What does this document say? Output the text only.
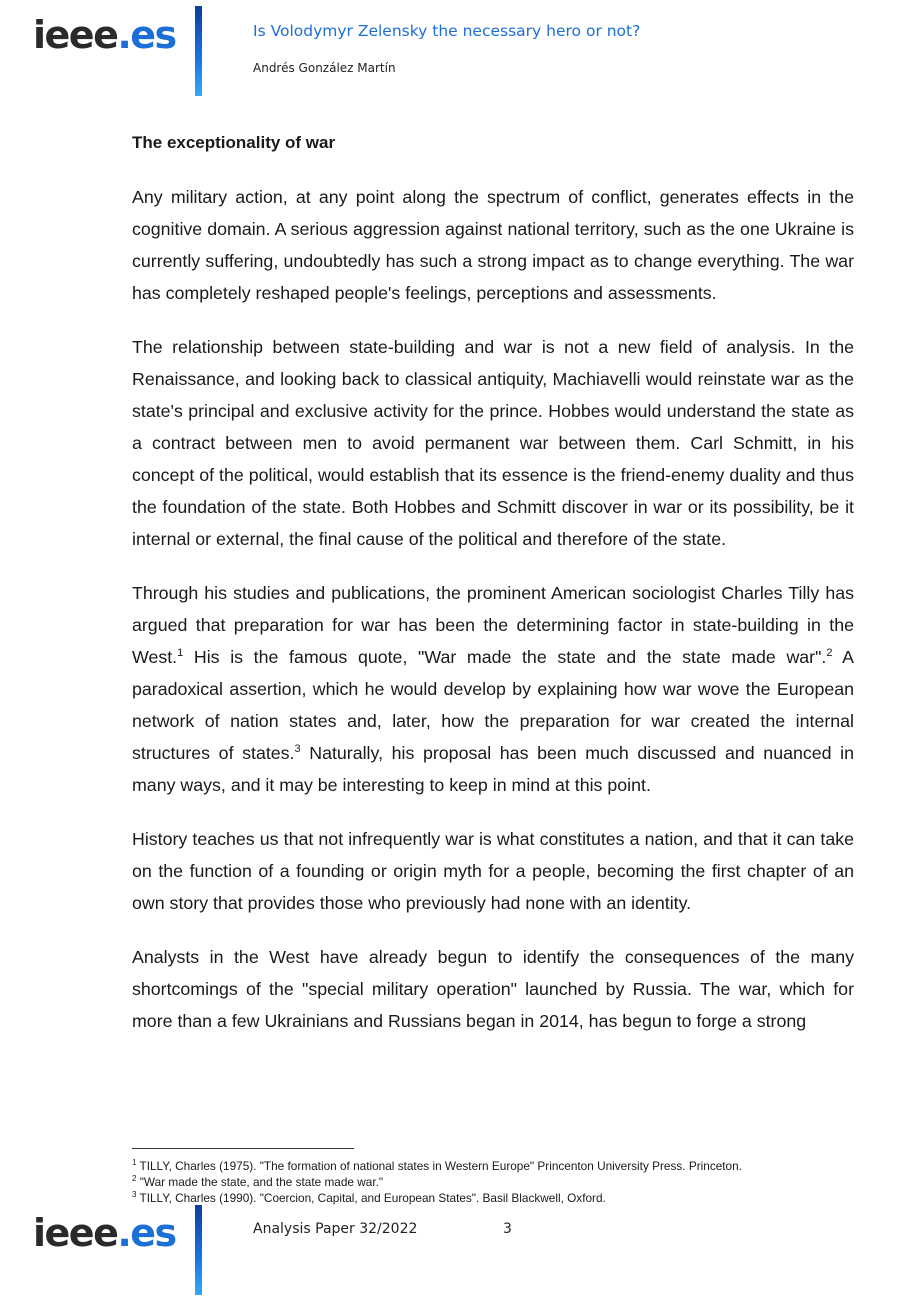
ieee.es	Is Volodymyr Zelensky the necessary hero or not?
Andrés González Martín
The exceptionality of war

Any military action, at any point along the spectrum of conflict, generates effects in the cognitive domain. A serious aggression against national territory, such as the one Ukraine is currently suffering, undoubtedly has such a strong impact as to change everything. The war has completely reshaped people's feelings, perceptions and assessments.

The relationship between state-building and war is not a new field of analysis. In the Renaissance, and looking back to classical antiquity, Machiavelli would reinstate war as the state's principal and exclusive activity for the prince. Hobbes would understand the state as a contract between men to avoid permanent war between them. Carl Schmitt, in his concept of the political, would establish that its essence is the friend-enemy duality and thus the foundation of the state. Both Hobbes and Schmitt discover in war or its possibility, be it internal or external, the final cause of the political and therefore of the state.

Through his studies and publications, the prominent American sociologist Charles Tilly has argued that preparation for war has been the determining factor in state-building in the West.$^1$ His is the famous quote, "War made the state and the state made war".$^2$ A paradoxical assertion, which he would develop by explaining how war wove the European network of nation states and, later, how the preparation for war created the internal structures of states.$^3$ Naturally, his proposal has been much discussed and nuanced in many ways, and it may be interesting to keep in mind at this point.

History teaches us that not infrequently war is what constitutes a nation, and that it can take on the function of a founding or origin myth for a people, becoming the first chapter of an own story that provides those who previously had none with an identity.

Analysts in the West have already begun to identify the consequences of the many shortcomings of the "special military operation" launched by Russia. The war, which for more than a few Ukrainians and Russians began in 2014, has begun to forge a strong

$^1$ TILLY, Charles (1975). "The formation of national states in Western Europe" Princenton University Press. Princeton.
$^2$ "War made the state, and the state made war."
$^3$ TILLY, Charles (1990). "Coercion, Capital, and European States". Basil Blackwell, Oxford.
ieee.es	Analysis Paper 32/2022	3
